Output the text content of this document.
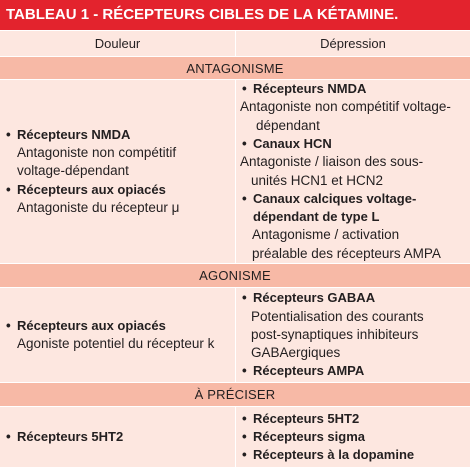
TABLEAU 1 - RÉCEPTEURS CIBLES DE LA KÉTAMINE.
Douleur	Dépression
ANTAGONISME
• Récepteurs NMDA
Antagoniste non compétitif
voltage-dépendant
• Récepteurs aux opiacés
Antagoniste du récepteur μ
• Récepteurs NMDA
Antagoniste non compétitif voltage-
dépendant
• Canaux HCN
Antagoniste / liaison des sous-
unités HCN1 et HCN2
• Canaux calciques voltage-
dépendant de type L
Antagonisme / activation
préalable des récepteurs AMPA
AGONISME
• Récepteurs aux opiacés
Agoniste potentiel du récepteur k
• Récepteurs GABAA
Potentialisation des courants
post-synaptiques inhibiteurs
GABAergiques
• Récepteurs AMPA
À PRÉCISER
• Récepteurs 5HT2
• Récepteurs 5HT2
• Récepteurs sigma
• Récepteurs à la dopamine
